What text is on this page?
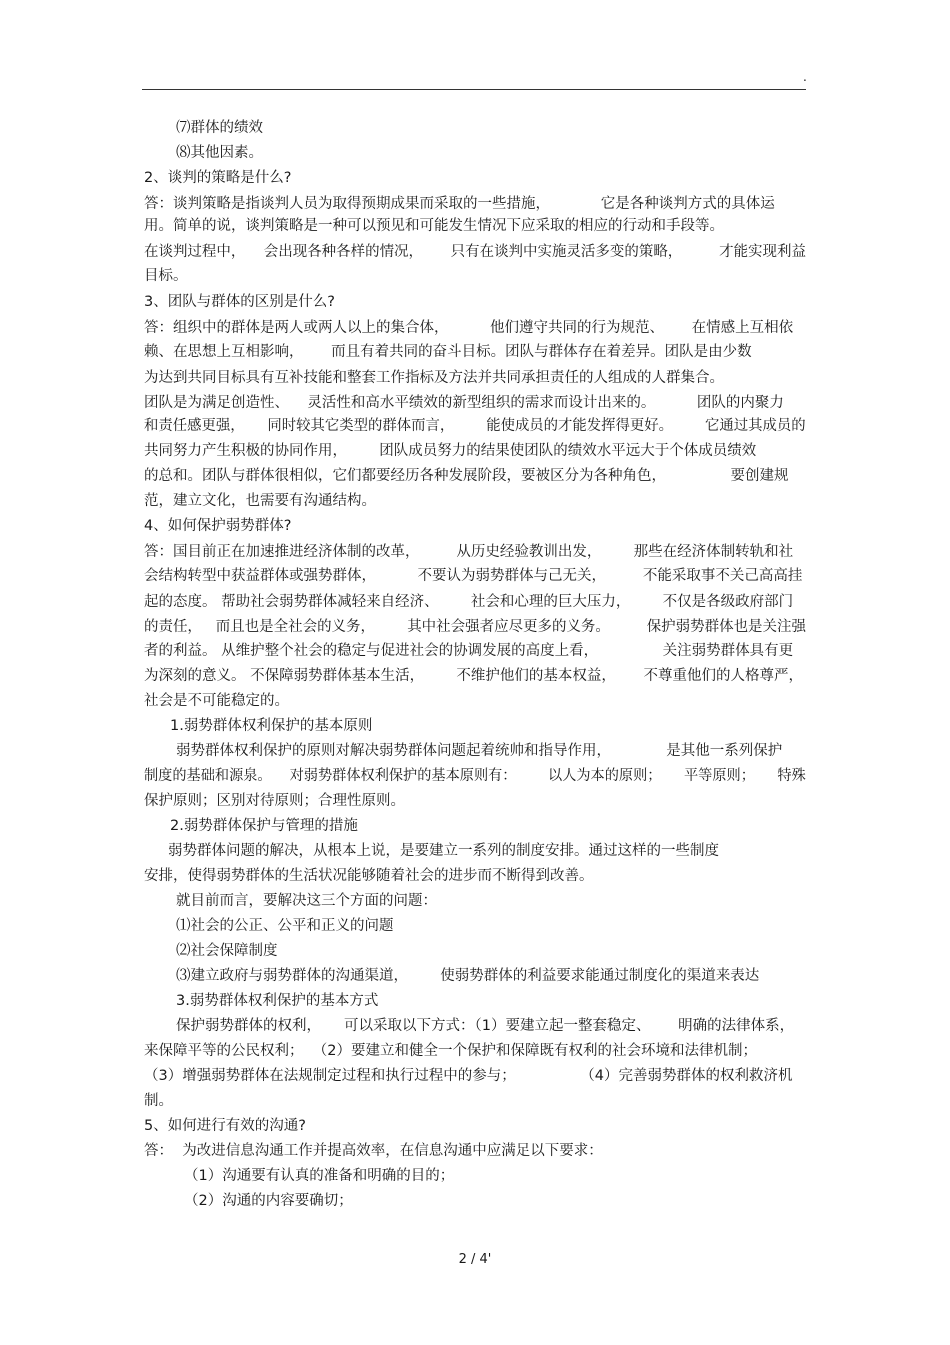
.

⑺群体的绩效

⑻其他因素。

2、谈判的策略是什么?

答：谈判策略是指谈判人员为取得预期成果而采取的一些措施，           它是各种谈判方式的具体运

用。简单的说，谈判策略是一种可以预见和可能发生情况下应采取的相应的行动和手段等。

在谈判过程中，    会出现各种各样的情况，      只有在谈判中实施灵活多变的策略，        才能实现利益

目标。

3、团队与群体的区别是什么?

答：组织中的群体是两人或两人以上的集合体，         他们遵守共同的行为规范、      在情感上互相依

赖、在思想上互相影响，      而且有着共同的奋斗目标。团队与群体存在着差异。团队是由少数

为达到共同目标具有互补技能和整套工作指标及方法并共同承担责任的人组成的人群集合。

团队是为满足创造性、    灵活性和高水平绩效的新型组织的需求而设计出来的。         团队的内聚力

和责任感更强，     同时较其它类型的群体而言，       能使成员的才能发挥得更好。       它通过其成员的

共同努力产生积极的协同作用，       团队成员努力的结果使团队的绩效水平远大于个体成员绩效

的总和。团队与群体很相似，它们都要经历各种发展阶段，要被区分为各种角色，              要创建规

范，建立文化，也需要有沟通结构。

4、如何保护弱势群体?

答：国目前正在加速推进经济体制的改革，        从历史经验教训出发，       那些在经济体制转轨和社

会结构转型中获益群体或强势群体，         不要认为弱势群体与己无关，        不能采取事不关己高高挂

起的态度。 帮助社会弱势群体减轻来自经济、       社会和心理的巨大压力，       不仅是各级政府部门

的责任，   而且也是全社会的义务，       其中社会强者应尽更多的义务。        保护弱势群体也是关注强

者的利益。 从维护整个社会的稳定与促进社会的协调发展的高度上看，              关注弱势群体具有更

为深刻的意义。 不保障弱势群体基本生活，       不维护他们的基本权益，      不尊重他们的人格尊严，

社会是不可能稳定的。

1.弱势群体权利保护的基本原则

弱势群体权利保护的原则对解决弱势群体问题起着统帅和指导作用，            是其他一系列保护

制度的基础和源泉。    对弱势群体权利保护的基本原则有：       以人为本的原则；     平等原则；     特殊

保护原则；区别对待原则；合理性原则。

2.弱势群体保护与管理的措施

弱势群体问题的解决，从根本上说，是要建立一系列的制度安排。通过这样的一些制度

安排，使得弱势群体的生活状况能够随着社会的进步而不断得到改善。

就目前而言，要解决这三个方面的问题：

⑴社会的公正、公平和正义的问题

⑵社会保障制度

⑶建立政府与弱势群体的沟通渠道，       使弱势群体的利益要求能通过制度化的渠道来表达

3.弱势群体权利保护的基本方式

保护弱势群体的权利，     可以采取以下方式：（1）要建立起一整套稳定、      明确的法律体系，

来保障平等的公民权利；  （2）要建立和健全一个保护和保障既有权利的社会环境和法律机制；

（3）增强弱势群体在法规制定过程和执行过程中的参与；              （4）完善弱势群体的权利救济机

制。

5、如何进行有效的沟通?

答：  为改进信息沟通工作并提高效率，在信息沟通中应满足以下要求：

（1）沟通要有认真的准备和明确的目的；

（2）沟通的内容要确切；

2 / 4'
